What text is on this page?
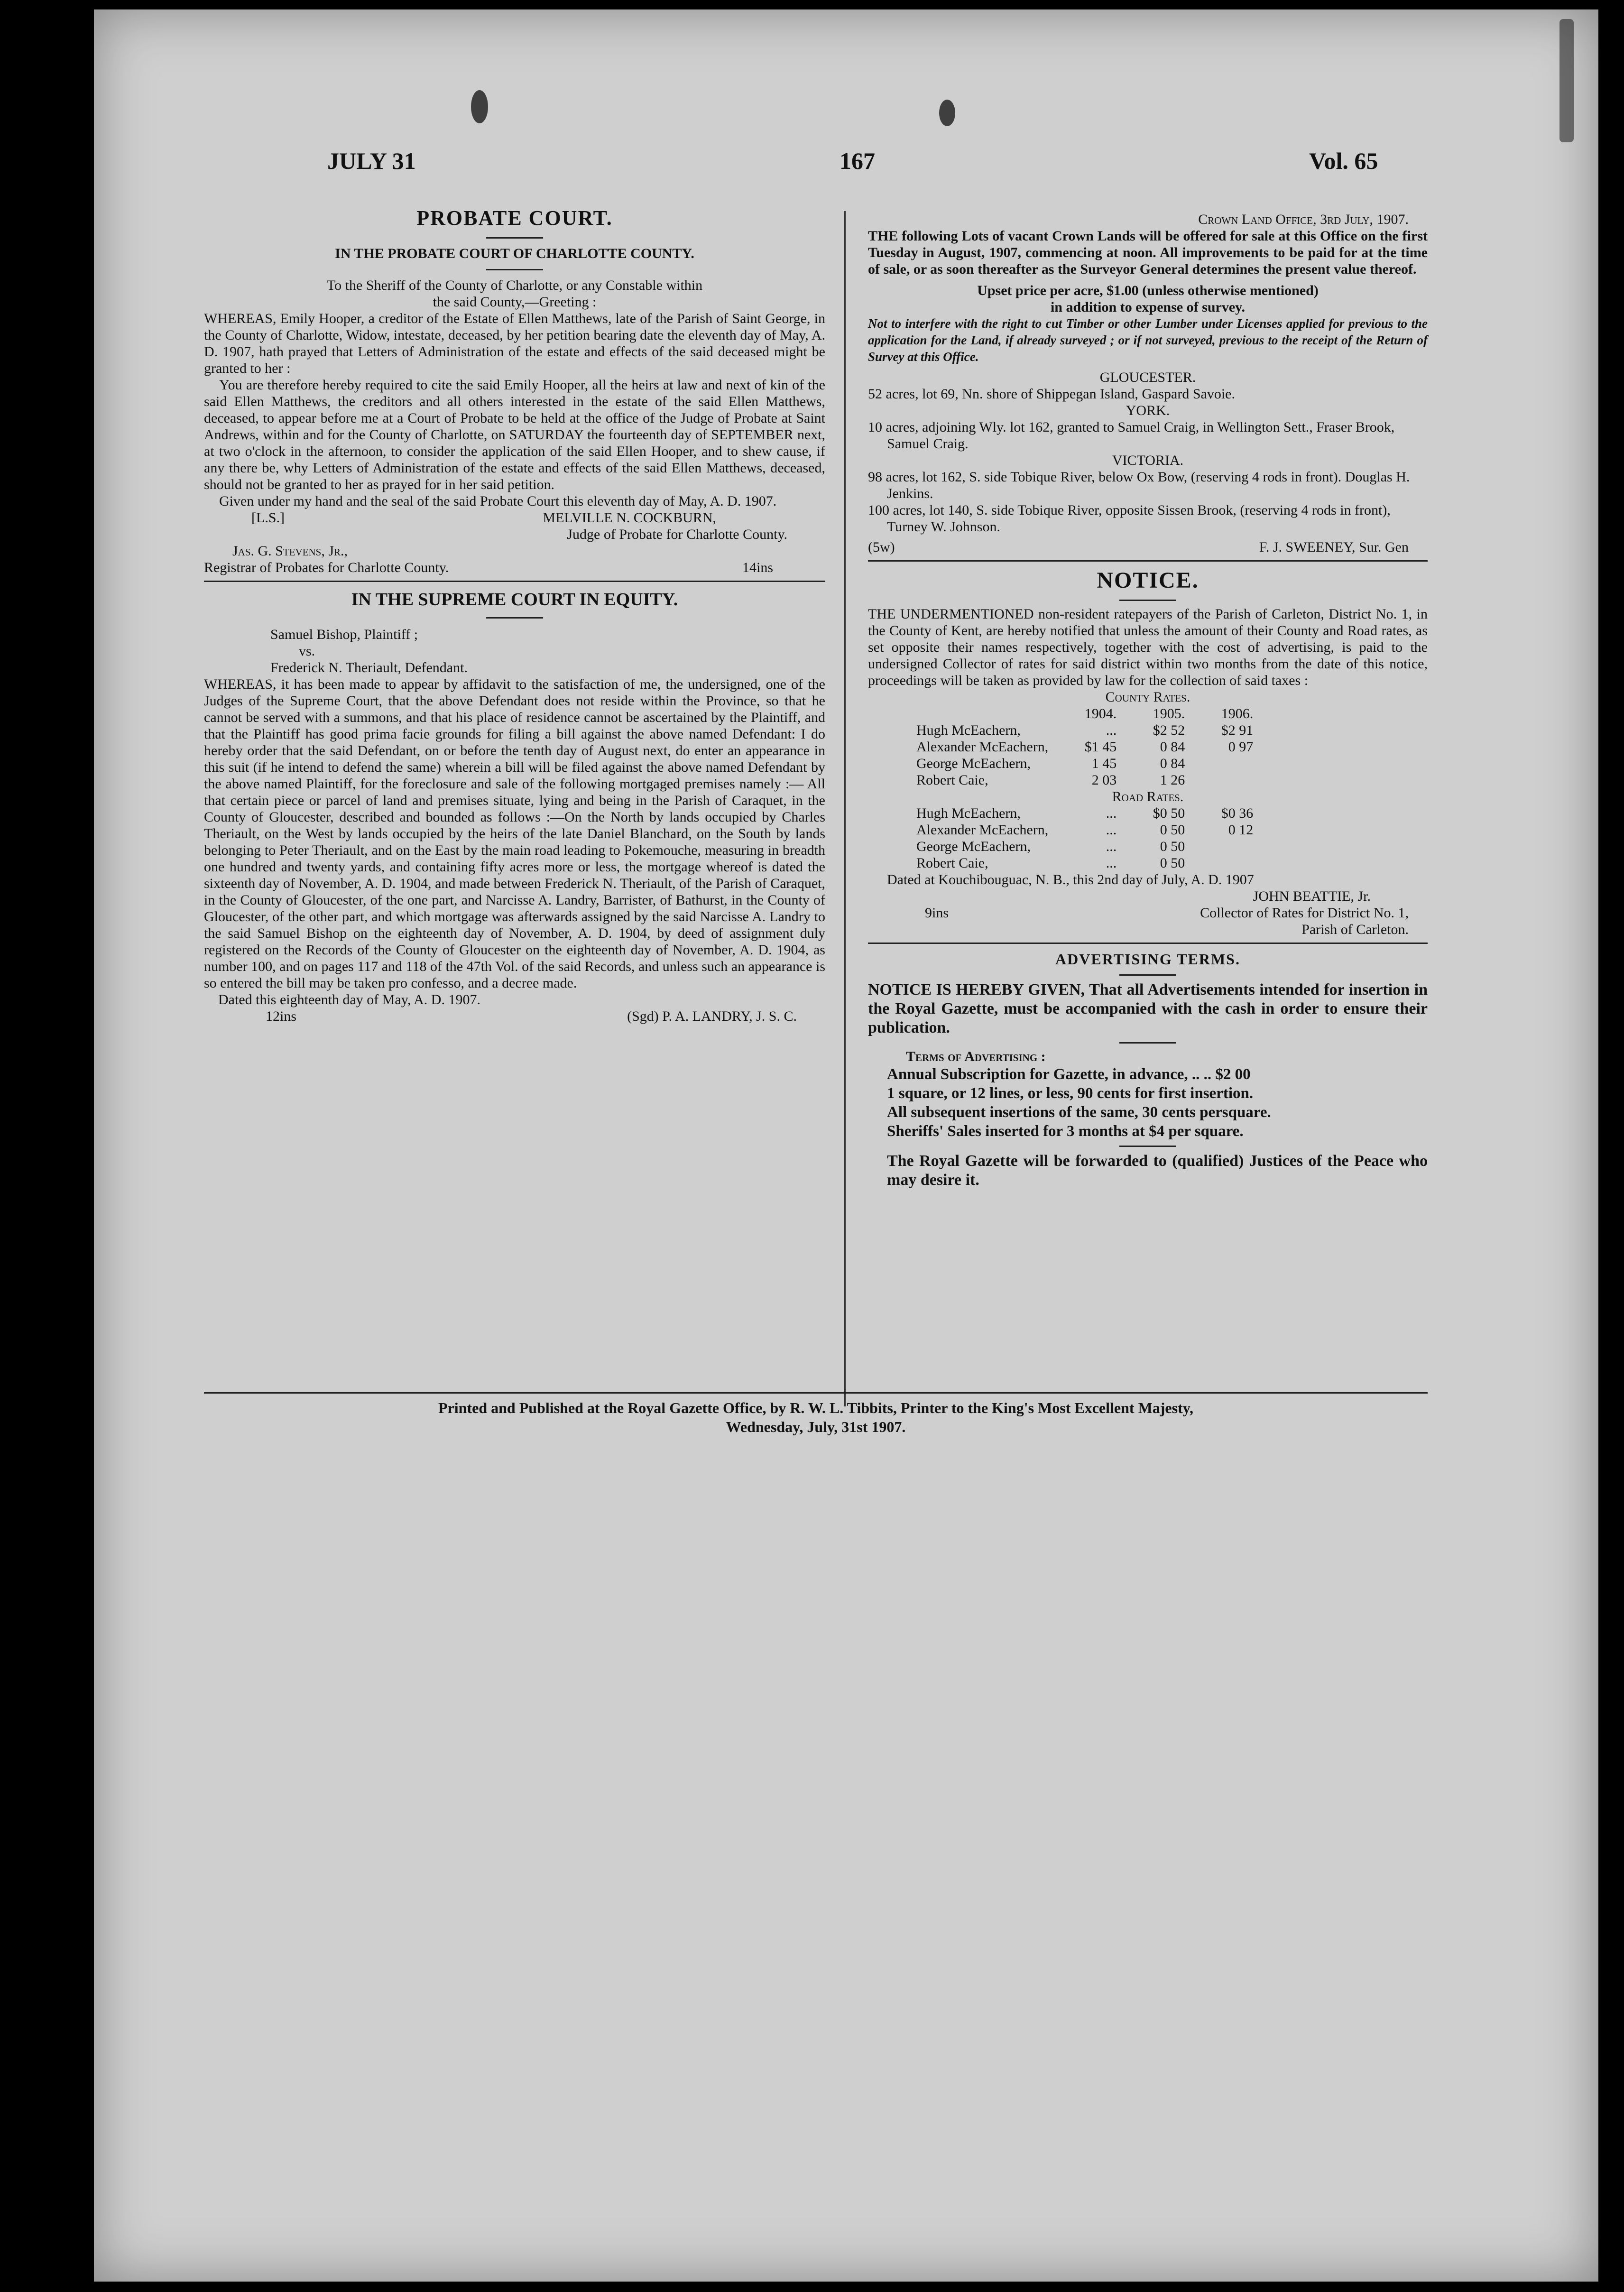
JULY 31	167	Vol. 65
PROBATE COURT.
IN THE PROBATE COURT OF CHARLOTTE COUNTY.

To the Sheriff of the County of Charlotte, or any Constable within

the said County,—Greeting :

WHEREAS, Emily Hooper, a creditor of the Estate of Ellen Matthews, late of the Parish of Saint George, in the County of Charlotte, Widow, intestate, deceased, by her petition bearing date the eleventh day of May, A. D. 1907, hath prayed that Letters of Administration of the estate and effects of the said deceased might be granted to her :

You are therefore hereby required to cite the said Emily Hooper, all the heirs at law and next of kin of the said Ellen Matthews, the creditors and all others interested in the estate of the said Ellen Matthews, deceased, to appear before me at a Court of Probate to be held at the office of the Judge of Probate at Saint Andrews, within and for the County of Charlotte, on SATURDAY the fourteenth day of SEPTEMBER next, at two o'clock in the afternoon, to consider the application of the said Ellen Hooper, and to shew cause, if any there be, why Letters of Administration of the estate and effects of the said Ellen Matthews, deceased, should not be granted to her as prayed for in her said petition.

Given under my hand and the seal of the said Probate Court this eleventh day of May, A. D. 1907.

[L.S.]	MELVILLE N. COCKBURN,

Judge of Probate for Charlotte County.

Jas. G. Stevens, Jr.,

Registrar of Probates for Charlotte County.	14ins
IN THE SUPREME COURT IN EQUITY.

Samuel Bishop, Plaintiff ;

vs.

Frederick N. Theriault, Defendant.

WHEREAS, it has been made to appear by affidavit to the satisfaction of me, the undersigned, one of the Judges of the Supreme Court, that the above Defendant does not reside within the Province, so that he cannot be served with a summons, and that his place of residence cannot be ascertained by the Plaintiff, and that the Plaintiff has good prima facie grounds for filing a bill against the above named Defendant: I do hereby order that the said Defendant, on or before the tenth day of August next, do enter an appearance in this suit (if he intend to defend the same) wherein a bill will be filed against the above named Defendant by the above named Plaintiff, for the foreclosure and sale of the following mortgaged premises namely :— All that certain piece or parcel of land and premises situate, lying and being in the Parish of Caraquet, in the County of Gloucester, described and bounded as follows :—On the North by lands occupied by Charles Theriault, on the West by lands occupied by the heirs of the late Daniel Blanchard, on the South by lands belonging to Peter Theriault, and on the East by the main road leading to Pokemouche, measuring in breadth one hundred and twenty yards, and containing fifty acres more or less, the mortgage whereof is dated the sixteenth day of November, A. D. 1904, and made between Frederick N. Theriault, of the Parish of Caraquet, in the County of Gloucester, of the one part, and Narcisse A. Landry, Barrister, of Bathurst, in the County of Gloucester, of the other part, and which mortgage was afterwards assigned by the said Narcisse A. Landry to the said Samuel Bishop on the eighteenth day of November, A. D. 1904, by deed of assignment duly registered on the Records of the County of Gloucester on the eighteenth day of November, A. D. 1904, as number 100, and on pages 117 and 118 of the 47th Vol. of the said Records, and unless such an appearance is so entered the bill may be taken pro confesso, and a decree made.

Dated this eighteenth day of May, A. D. 1907.

12ins	(Sgd) P. A. LANDRY, J. S. C.

Crown Land Office, 3rd July, 1907.

THE following Lots of vacant Crown Lands will be offered for sale at this Office on the first Tuesday in August, 1907, commencing at noon. All improvements to be paid for at the time of sale, or as soon thereafter as the Surveyor General determines the present value thereof.

Upset price per acre, $1.00 (unless otherwise mentioned)

in addition to expense of survey.

Not to interfere with the right to cut Timber or other Lumber under Licenses applied for previous to the application for the Land, if already surveyed ; or if not surveyed, previous to the receipt of the Return of Survey at this Office.

GLOUCESTER.

52 acres, lot 69, Nn. shore of Shippegan Island, Gaspard Savoie.

YORK.

10 acres, adjoining Wly. lot 162, granted to Samuel Craig, in Wellington Sett., Fraser Brook, Samuel Craig.

VICTORIA.

98 acres, lot 162, S. side Tobique River, below Ox Bow, (reserving 4 rods in front). Douglas H. Jenkins.

100 acres, lot 140, S. side Tobique River, opposite Sissen Brook, (reserving 4 rods in front), Turney W. Johnson.

(5w)	F. J. SWEENEY, Sur. Gen
NOTICE.

THE UNDERMENTIONED non-resident ratepayers of the Parish of Carleton, District No. 1, in the County of Kent, are hereby notified that unless the amount of their County and Road rates, as set opposite their names respectively, together with the cost of advertising, is paid to the undersigned Collector of rates for said district within two months from the date of this notice, proceedings will be taken as provided by law for the collection of said taxes :

County Rates.

	1904.	1905.	1906.
Hugh McEachern,	...	$2 52	$2 91
Alexander McEachern,	$1 45	0 84	0 97
George McEachern,	1 45	0 84	
Robert Caie,	2 03	1 26	

Road Rates.

Hugh McEachern,	...	$0 50	$0 36
Alexander McEachern,	...	0 50	0 12
George McEachern,	...	0 50	
Robert Caie,	...	0 50	

Dated at Kouchibouguac, N. B., this 2nd day of July, A. D. 1907

JOHN BEATTIE, Jr.

9ins	Collector of Rates for District No. 1,

Parish of Carleton.

ADVERTISING TERMS.

NOTICE IS HEREBY GIVEN, That all Advertisements intended for insertion in the Royal Gazette, must be accompanied with the cash in order to ensure their publication.

Terms of Advertising :

Annual Subscription for Gazette, in advance, .. .. $2 00

1 square, or 12 lines, or less, 90 cents for first insertion.

All subsequent insertions of the same, 30 cents persquare.

Sheriffs' Sales inserted for 3 months at $4 per square.

The Royal Gazette will be forwarded to (qualified) Justices of the Peace who may desire it.

Printed and Published at the Royal Gazette Office, by R. W. L. Tibbits, Printer to the King's Most Excellent Majesty,

Wednesday, July, 31st 1907.
